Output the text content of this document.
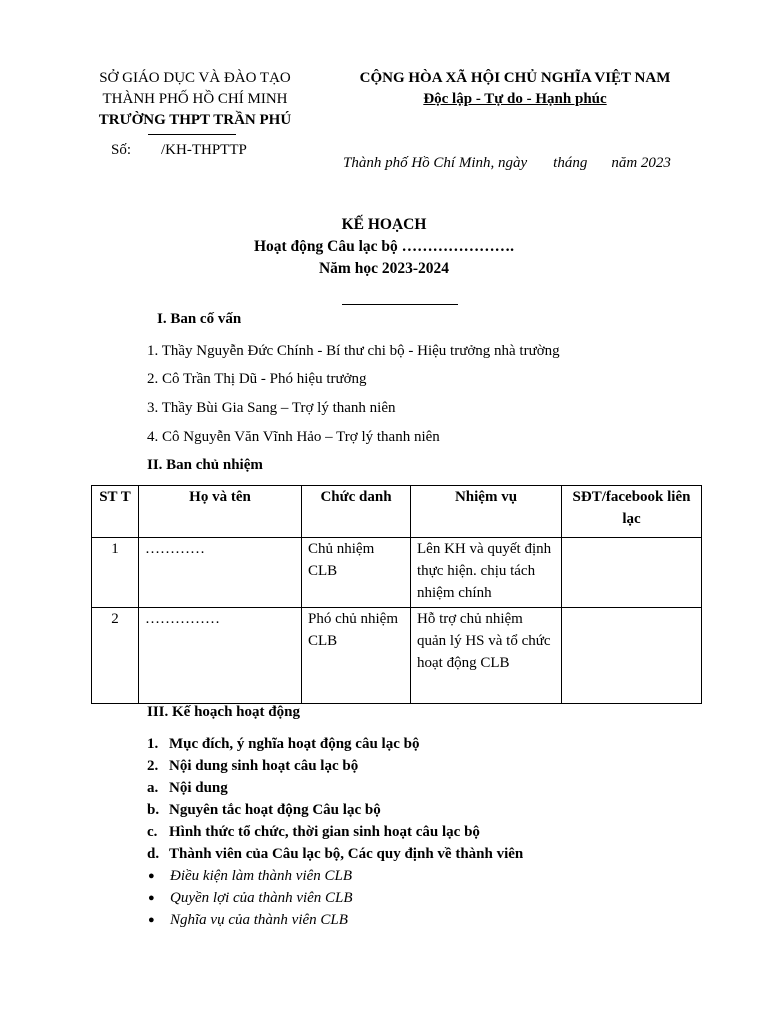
SỞ GIÁO DỤC VÀ ĐÀO TẠO
THÀNH PHỐ HỒ CHÍ MINH
TRƯỜNG THPT TRẦN PHÚ
Số: /KH-THPTTP
CỘNG HÒA XÃ HỘI CHỦ NGHĨA VIỆT NAM
Độc lập - Tự do - Hạnh phúc
Thành phố Hồ Chí Minh, ngày tháng năm 2023
KẾ HOẠCH
Hoạt động Câu lạc bộ ………………….
Năm học 2023-2024
I. Ban cố vấn
1. Thầy Nguyễn Đức Chính - Bí thư chi bộ - Hiệu trưởng nhà trường
2. Cô Trần Thị Dũ - Phó hiệu trưởng
3. Thầy Bùi Gia Sang – Trợ lý thanh niên
4. Cô Nguyễn Văn Vĩnh Hảo – Trợ lý thanh niên
II. Ban chủ nhiệm
ST T	Họ và tên	Chức danh	Nhiệm vụ	SĐT/facebook liên lạc
1	…………	Chủ nhiệm CLB	Lên KH và quyết định thực hiện. chịu tách nhiệm chính	
2	……………	Phó chủ nhiệm CLB	Hỗ trợ chủ nhiệm quản lý HS và tổ chức hoạt động CLB	
III. Kế hoạch hoạt động
1. Mục đích, ý nghĩa hoạt động câu lạc bộ
2. Nội dung sinh hoạt câu lạc bộ
a. Nội dung
b. Nguyên tắc hoạt động Câu lạc bộ
c. Hình thức tổ chức, thời gian sinh hoạt câu lạc bộ
d. Thành viên của Câu lạc bộ, Các quy định về thành viên
● Điều kiện làm thành viên CLB
● Quyền lợi của thành viên CLB
● Nghĩa vụ của thành viên CLB
